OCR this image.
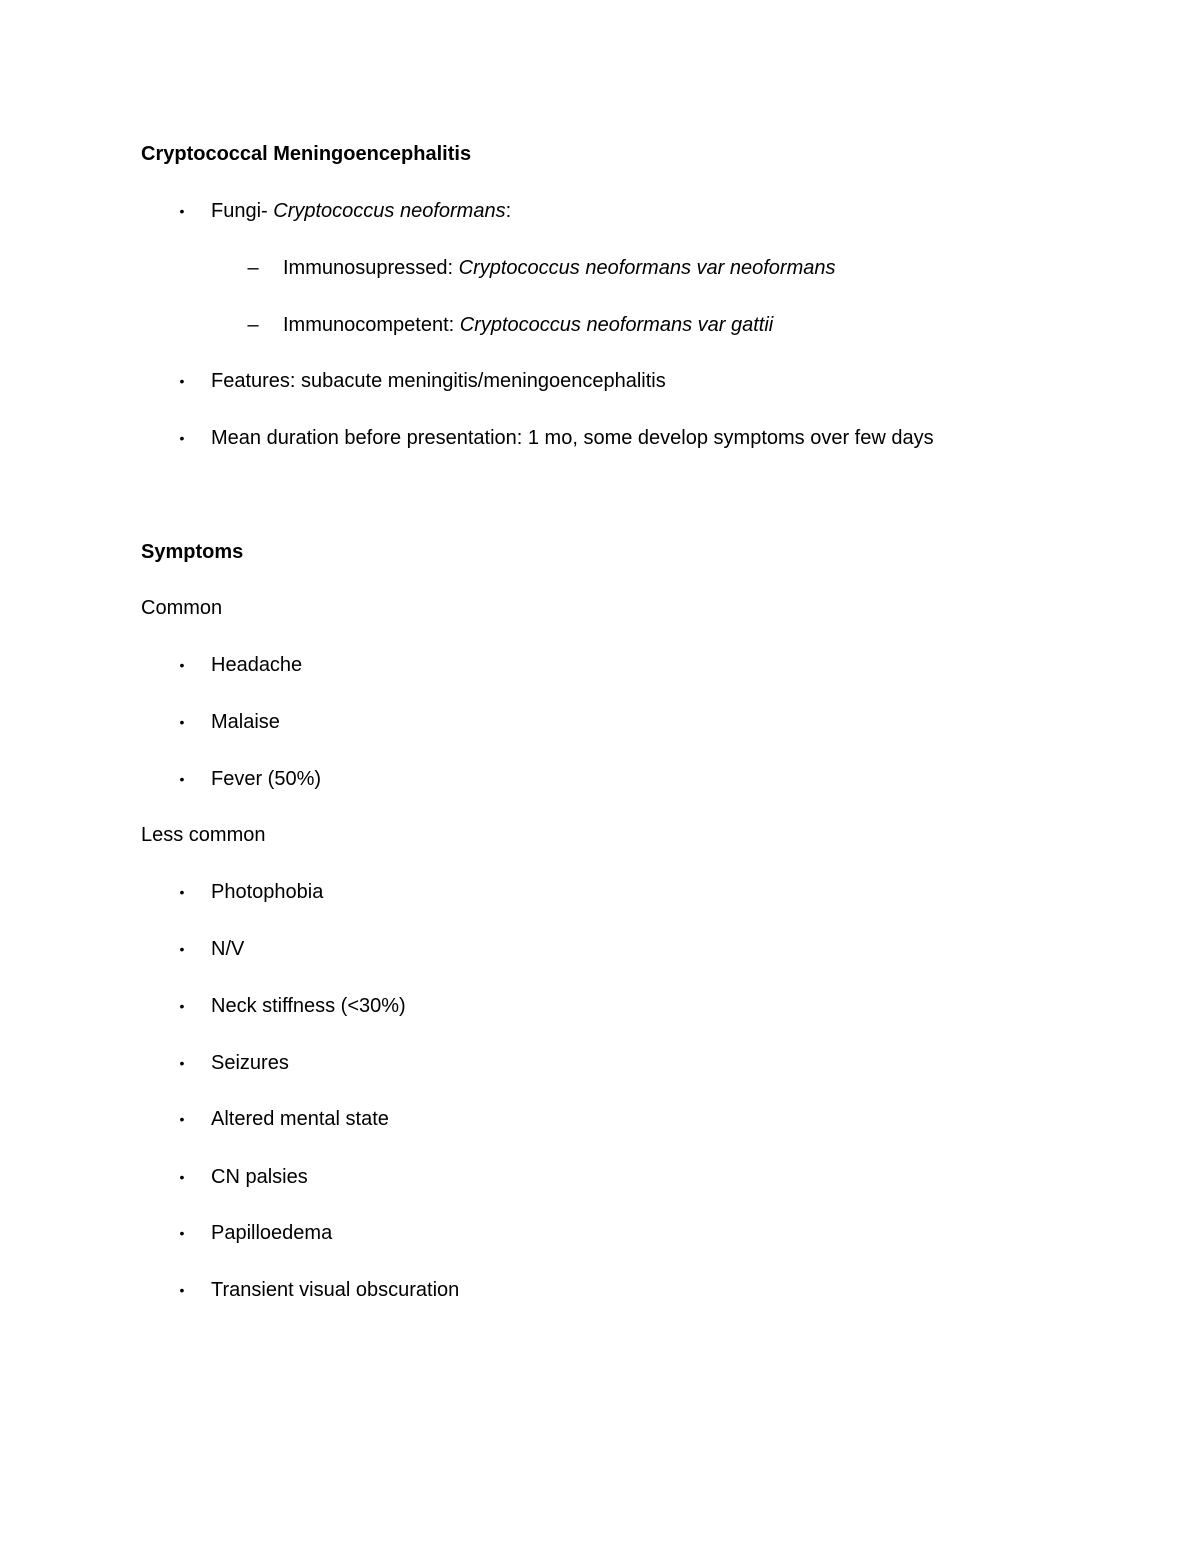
Cryptococcal Meningoencephalitis
• Fungi- Cryptococcus neoformans:
– Immunosupressed: Cryptococcus neoformans var neoformans
– Immunocompetent: Cryptococcus neoformans var gattii
• Features: subacute meningitis/meningoencephalitis
• Mean duration before presentation: 1 mo, some develop symptoms over few days
Symptoms
Common
• Headache
• Malaise
• Fever (50%)
Less common
• Photophobia
• N/V
• Neck stiffness (<30%)
• Seizures
• Altered mental state
• CN palsies
• Papilloedema
• Transient visual obscuration
